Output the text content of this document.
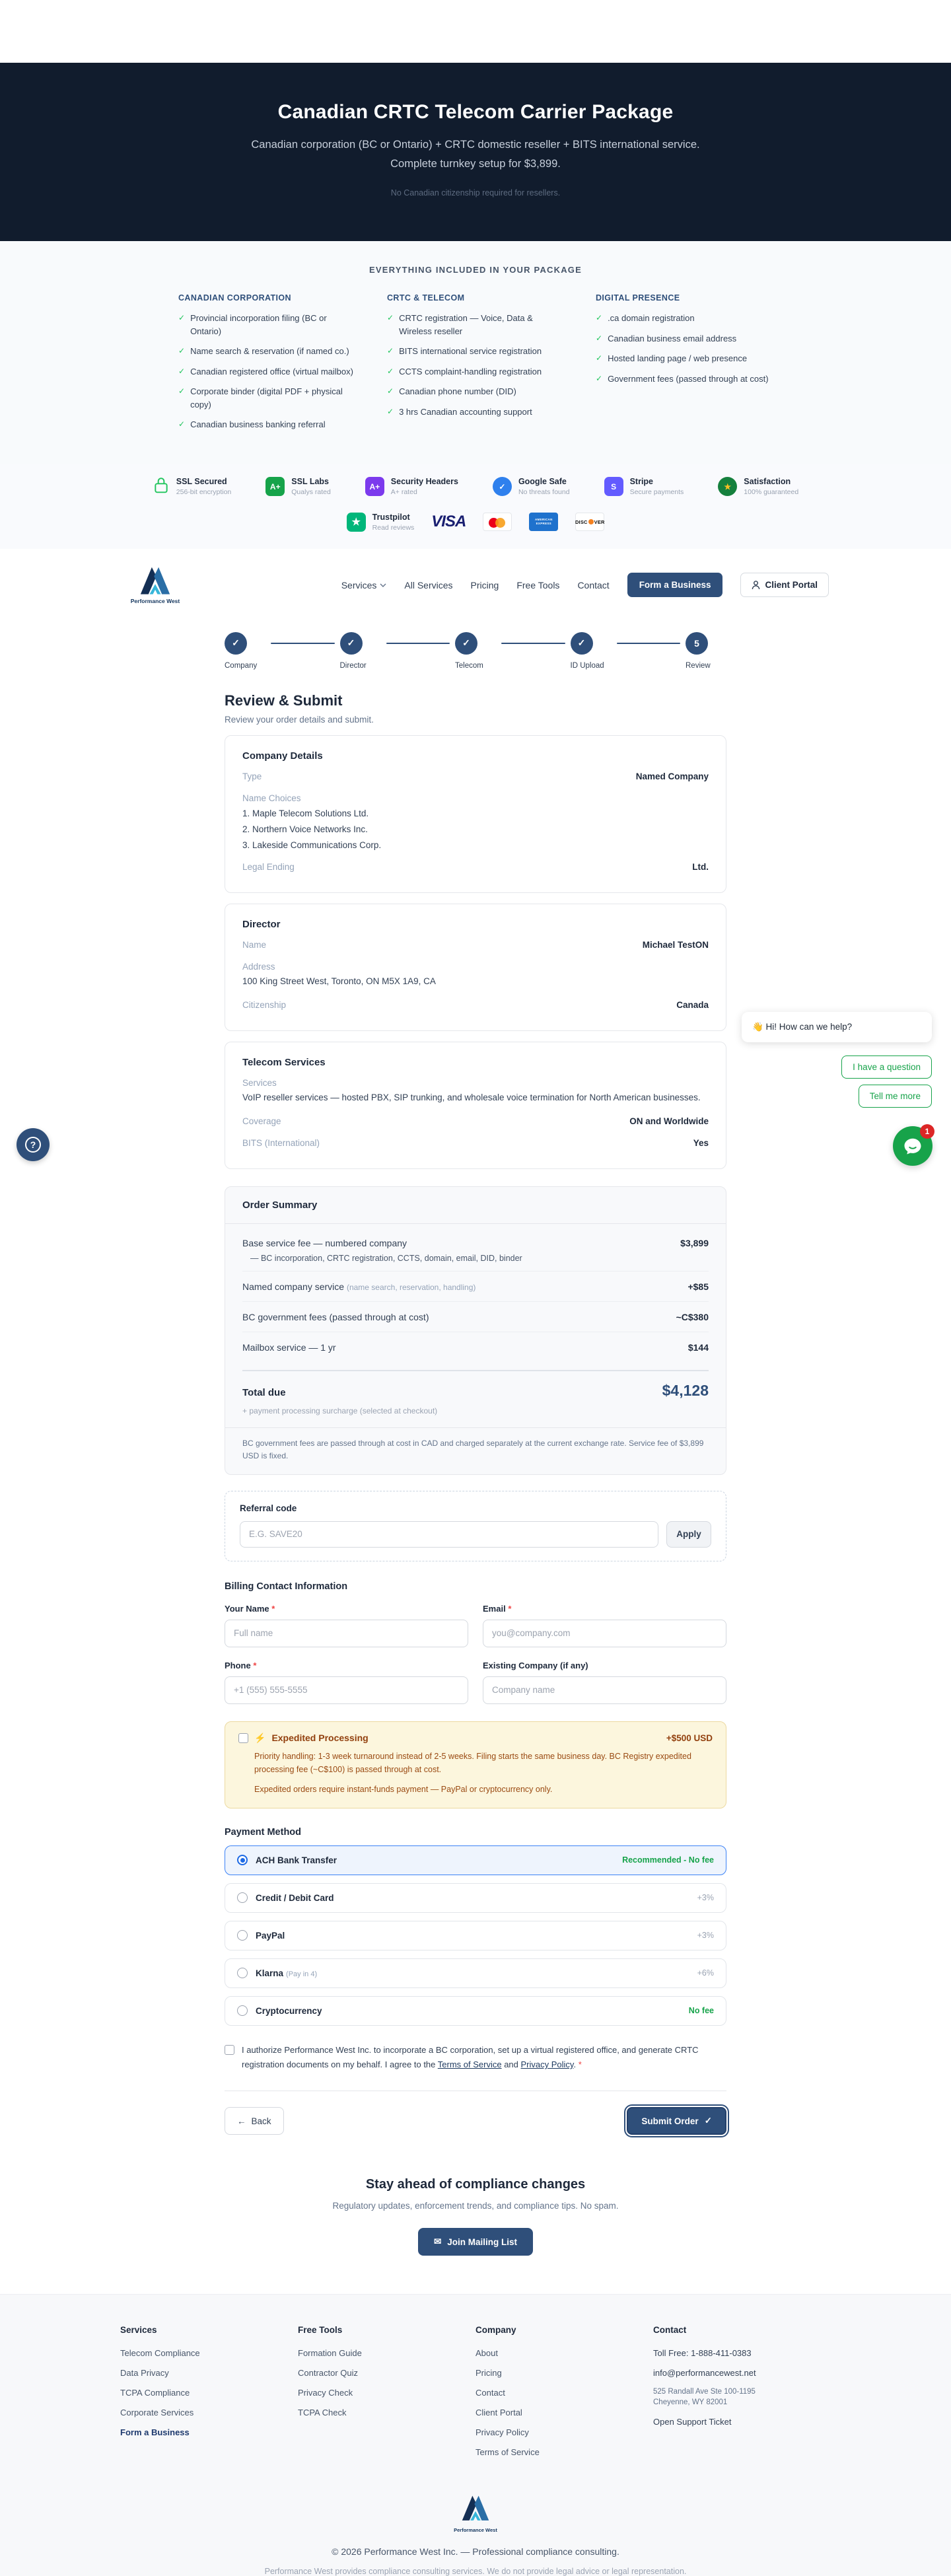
Canadian CRTC Telecom Carrier Package
Canadian corporation (BC or Ontario) + CRTC domestic reseller + BITS international service. Complete turnkey setup for $3,899.
No Canadian citizenship required for resellers.
EVERYTHING INCLUDED IN YOUR PACKAGE
CANADIAN CORPORATION
✓ Provincial incorporation filing (BC or Ontario)
✓ Name search & reservation (if named co.)
✓ Canadian registered office (virtual mailbox)
✓ Corporate binder (digital PDF + physical copy)
✓ Canadian business banking referral
CRTC & TELECOM
✓ CRTC registration — Voice, Data & Wireless reseller
✓ BITS international service registration
✓ CCTS complaint-handling registration
✓ Canadian phone number (DID)
✓ 3 hrs Canadian accounting support
DIGITAL PRESENCE
✓ .ca domain registration
✓ Canadian business email address
✓ Hosted landing page / web presence
✓ Government fees (passed through at cost)
SSL Secured
256-bit encryption
A+
SSL Labs
Qualys rated
A+
Security Headers
A+ rated
✓
Google Safe
No threats found
S
Stripe
Secure payments
★
Satisfaction
100% guaranteed
★	Trustpilot
Read reviews VISA	AMERICAN
EXPRESS	DISC VER
Performance West
Services	All Services Pricing Free Tools Contact	Form a Business	Client Portal
✓
Company
✓
Director
✓
Telecom
✓
ID Upload
5
Review
Review & Submit

Review your order details and submit.

Company Details
Type	Named Company
Name Choices
1. Maple Telecom Solutions Ltd.
2. Northern Voice Networks Inc.
3. Lakeside Communications Corp.
Legal Ending	Ltd.
Director
Name	Michael TestON
Address
100 King Street West, Toronto, ON M5X 1A9, CA
Citizenship	Canada
Telecom Services
Services
VoIP reseller services — hosted PBX, SIP trunking, and wholesale voice termination for North American businesses.
Coverage	ON and Worldwide
BITS (International)	Yes
Order Summary
Base service fee — numbered company	$3,899
— BC incorporation, CRTC registration, CCTS, domain, email, DID, binder
Named company service (name search, reservation, handling)	+$85
BC government fees (passed through at cost)	~C$380
Mailbox service — 1 yr	$144
Total due	$4,128
+ payment processing surcharge (selected at checkout)
BC government fees are passed through at cost in CAD and charged separately at the current exchange rate. Service fee of $3,899 USD is fixed.
Referral code
E.G. SAVE20
Apply
Billing Contact Information
Your Name *
Full name	Email *
you@company.com
Phone *
+1 (555) 555-5555	Existing Company (if any)
Company name
⚡ Expedited Processing	+$500 USD
Priority handling: 1-3 week turnaround instead of 2-5 weeks. Filing starts the same business day. BC Registry expedited processing fee (~C$100) is passed through at cost.
Expedited orders require instant-funds payment — PayPal or cryptocurrency only.
Payment Method
ACH Bank Transfer	Recommended - No fee
Credit / Debit Card	+3%
PayPal	+3%
Klarna (Pay in 4)	+6%
Cryptocurrency	No fee
I authorize Performance West Inc. to incorporate a BC corporation, set up a virtual registered office, and generate CRTC registration documents on my behalf. I agree to the Terms of Service and Privacy Policy. *
← Back	Submit Order ✓
Stay ahead of compliance changes

Regulatory updates, enforcement trends, and compliance tips. No spam.

✉ Join Mailing List
Services
Telecom Compliance
Data Privacy
TCPA Compliance
Corporate Services
Form a Business
Free Tools
Formation Guide
Contractor Quiz
Privacy Check
TCPA Check
Company
About
Pricing
Contact
Client Portal
Privacy Policy
Terms of Service
Contact
Toll Free: 1-888-411-0383
info@performancewest.net
525 Randall Ave Ste 100-1195
Cheyenne, WY 82001
Open Support Ticket
Performance West
© 2026 Performance West Inc. — Professional compliance consulting.
Performance West provides compliance consulting services. We do not provide legal advice or legal representation.
👋 Hi! How can we help?
I have a question
Tell me more
1
?
